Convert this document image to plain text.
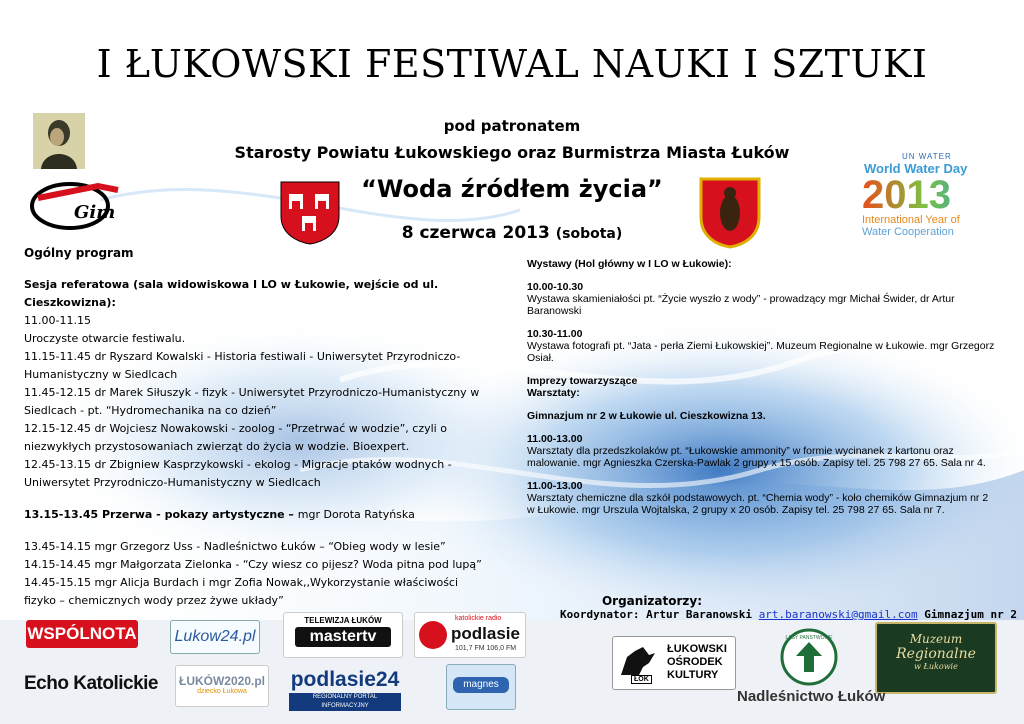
I ŁUKOWSKI FESTIWAL NAUKI I SZTUKI
pod patronatem
Starosty Powiatu Łukowskiego oraz Burmistrza Miasta Łuków
“Woda źródłem życia”
8 czerwca 2013 (sobota)
Gim
UN WATER
World Water Day
2013
International Year of
Water Cooperation

Ogólny program

Sesja referatowa (sala widowiskowa I LO w Łukowie, wejście od ul.

Cieszkowizna):

11.00-11.15

Uroczyste otwarcie festiwalu.

11.15-11.45 dr Ryszard Kowalski - Historia festiwali - Uniwersytet Przyrodniczo-

Humanistyczny w Siedlcach

11.45-12.15 dr Marek Siłuszyk - fizyk - Uniwersytet Przyrodniczo-Humanistyczny w

Siedlcach - pt. “Hydromechanika na co dzień”

12.15-12.45 dr Wojciesz Nowakowski - zoolog - “Przetrwać w wodzie”, czyli o

niezwykłych przystosowaniach zwierząt do życia w wodzie. Bioexpert.

12.45-13.15 dr Zbigniew Kasprzykowski - ekolog - Migracje ptaków wodnych -

Uniwersytet Przyrodniczo-Humanistyczny w Siedlcach

13.15-13.45 Przerwa - pokazy artystyczne – mgr Dorota Ratyńska

13.45-14.15 mgr Grzegorz Uss - Nadleśnictwo Łuków – “Obieg wody w lesie”

14.15-14.45 mgr Małgorzata Zielonka - “Czy wiesz co pijesz? Woda pitna pod lupą”

14.45-15.15 mgr Alicja Burdach i mgr Zofia Nowak,,Wykorzystanie właściwości

fizyko – chemicznych wody przez żywe układy”

Wystawy (Hol główny w I LO w Łukowie):

10.00-10.30

Wystawa skamieniałości pt. “Życie wyszło z wody” - prowadzący mgr Michał Świder, dr Artur Baranowski

10.30-11.00

Wystawa fotografi pt. “Jata - perła Ziemi Łukowskiej”. Muzeum Regionalne w Łukowie. mgr Grzegorz Osiał.

Imprezy towarzyszące

Warsztaty:

Gimnazjum nr 2 w Łukowie ul. Cieszkowizna 13.

11.00-13.00

Warsztaty dla przedszkolaków pt. “Łukowskie ammonity” w formie wycinanek z kartonu oraz malowanie. mgr Agnieszka Czerska-Pawlak 2 grupy x 15 osób. Zapisy tel. 25 798 27 65. Sala nr 4.

11.00-13.00

Warsztaty chemiczne dla szkół podstawowych. pt. “Chemia wody” - koło chemików Gimnazjum nr 2 w Łukowie. mgr Urszula Wojtalska, 2 grupy x 20 osób. Zapisy tel. 25 798 27 65. Sala nr 7.

Organizatorzy:
Koordynator: Artur Baranowski art.baranowski@gmail.com Gimnazjum nr 2
WSPÓLNOTA Lukow24.pl
TELEWIZJA ŁUKÓW
mastertv
katolickie radio
podlasie
101,7 FM 106,0 FM
Echo Katolickie	ŁUKÓW2020.pl
dziecko Łukowa
podlasie24
REGIONALNY PORTAL INFORMACYJNY
magnes	ŁOK
ŁUKOWSKI
OŚRODEK
KULTURY
LASY PAŃSTWOWE	Muzeum
Regionalne
w Łukowie
Nadleśnictwo Łuków
